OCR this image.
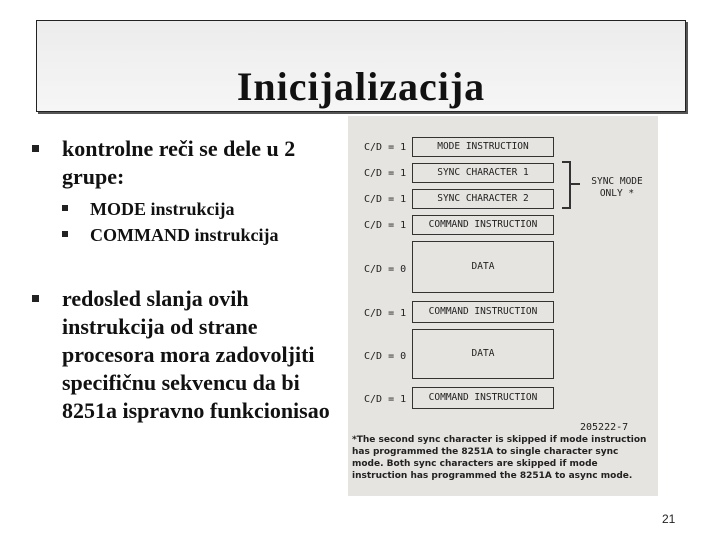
Inicijalizacija
kontrolne reči se dele u 2 grupe:
MODE instrukcija
COMMAND instrukcija
redosled slanja ovih instrukcija od strane procesora mora zadovoljiti specifičnu sekvencu da bi 8251a ispravno funkcionisao
C/D = 1	MODE INSTRUCTION
C/D = 1	SYNC CHARACTER 1
C/D = 1	SYNC CHARACTER 2
C/D = 1	COMMAND INSTRUCTION
C/D = 0	DATA
C/D = 1	COMMAND INSTRUCTION
C/D = 0	DATA
C/D = 1	COMMAND INSTRUCTION
SYNC MODE ONLY *
205222-7
*The second sync character is skipped if mode instruction has programmed the 8251A to single character sync mode. Both sync characters are skipped if mode instruction has programmed the 8251A to async mode.
21
